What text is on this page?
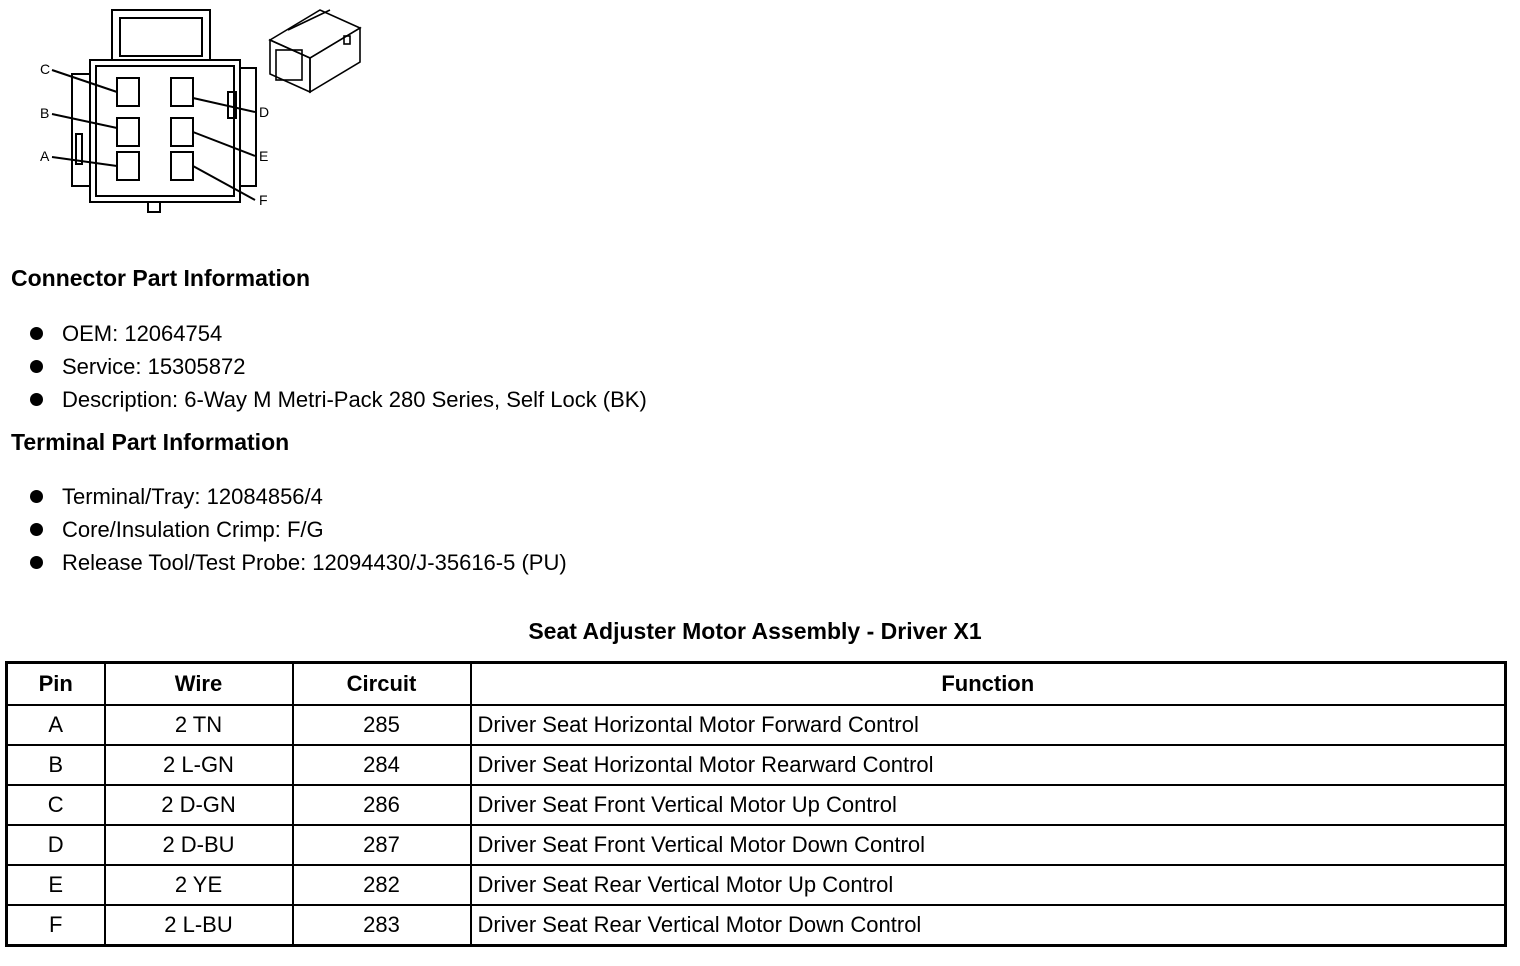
C
B
A
D
E
F
Connector Part Information
OEM: 12064754
Service: 15305872
Description: 6-Way M Metri-Pack 280 Series, Self Lock (BK)
Terminal Part Information
Terminal/Tray: 12084856/4
Core/Insulation Crimp: F/G
Release Tool/Test Probe: 12094430/J-35616-5 (PU)
Seat Adjuster Motor Assembly - Driver X1
Pin	Wire	Circuit	Function
A	2 TN	285	Driver Seat Horizontal Motor Forward Control
B	2 L-GN	284	Driver Seat Horizontal Motor Rearward Control
C	2 D-GN	286	Driver Seat Front Vertical Motor Up Control
D	2 D-BU	287	Driver Seat Front Vertical Motor Down Control
E	2 YE	282	Driver Seat Rear Vertical Motor Up Control
F	2 L-BU	283	Driver Seat Rear Vertical Motor Down Control
